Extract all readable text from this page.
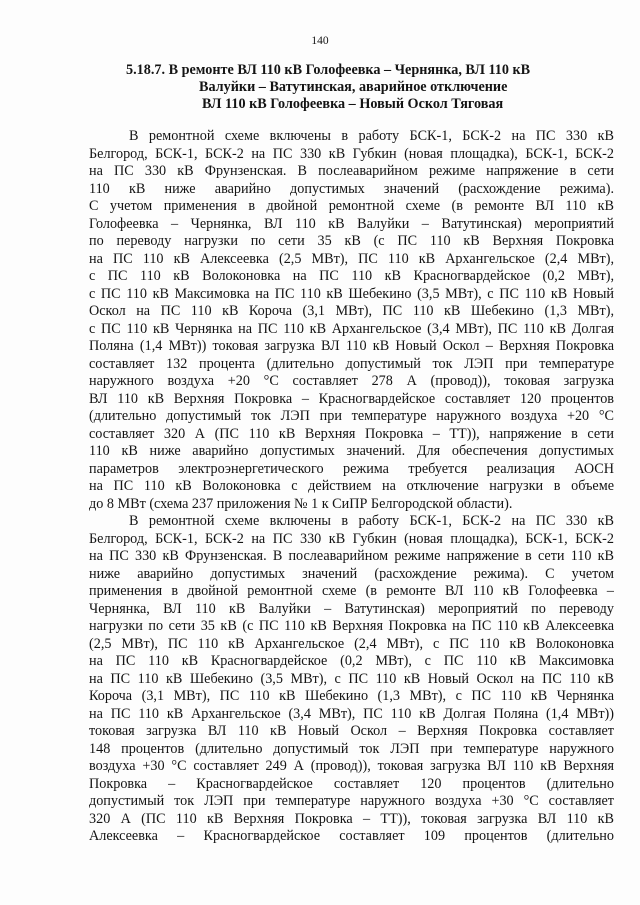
140
5.18.7. В ремонте ВЛ 110 кВ Голофеевка – Чернянка, ВЛ 110 кВ
Валуйки – Ватутинская, аварийное отключение
ВЛ 110 кВ Голофеевка – Новый Оскол Тяговая
В ремонтной схеме включены в работу БСК-1, БСК-2 на ПС 330 кВ
Белгород, БСК-1, БСК-2 на ПС 330 кВ Губкин (новая площадка), БСК-1, БСК-2
на ПС 330 кВ Фрунзенская. В послеаварийном режиме напряжение в сети
110 кВ ниже аварийно допустимых значений (расхождение режима).
С учетом применения в двойной ремонтной схеме (в ремонте ВЛ 110 кВ
Голофеевка – Чернянка, ВЛ 110 кВ Валуйки – Ватутинская) мероприятий
по переводу нагрузки по сети 35 кВ (с ПС 110 кВ Верхняя Покровка
на ПС 110 кВ Алексеевка (2,5 МВт), ПС 110 кВ Архангельское (2,4 МВт),
с ПС 110 кВ Волоконовка на ПС 110 кВ Красногвардейское (0,2 МВт),
с ПС 110 кВ Максимовка на ПС 110 кВ Шебекино (3,5 МВт), с ПС 110 кВ Новый
Оскол на ПС 110 кВ Короча (3,1 МВт), ПС 110 кВ Шебекино (1,3 МВт),
с ПС 110 кВ Чернянка на ПС 110 кВ Архангельское (3,4 МВт), ПС 110 кВ Долгая
Поляна (1,4 МВт)) токовая загрузка ВЛ 110 кВ Новый Оскол – Верхняя Покровка
составляет 132 процента (длительно допустимый ток ЛЭП при температуре
наружного воздуха +20 °С составляет 278 А (провод)), токовая загрузка
ВЛ 110 кВ Верхняя Покровка – Красногвардейское составляет 120 процентов
(длительно допустимый ток ЛЭП при температуре наружного воздуха +20 °С
составляет 320 А (ПС 110 кВ Верхняя Покровка – ТТ)), напряжение в сети
110 кВ ниже аварийно допустимых значений. Для обеспечения допустимых
параметров электроэнергетического режима требуется реализация АОСН
на ПС 110 кВ Волоконовка с действием на отключение нагрузки в объеме
до 8 МВт (схема 237 приложения № 1 к СиПР Белгородской области).
В ремонтной схеме включены в работу БСК-1, БСК-2 на ПС 330 кВ
Белгород, БСК-1, БСК-2 на ПС 330 кВ Губкин (новая площадка), БСК-1, БСК-2
на ПС 330 кВ Фрунзенская. В послеаварийном режиме напряжение в сети 110 кВ
ниже аварийно допустимых значений (расхождение режима). С учетом
применения в двойной ремонтной схеме (в ремонте ВЛ 110 кВ Голофеевка –
Чернянка, ВЛ 110 кВ Валуйки – Ватутинская) мероприятий по переводу
нагрузки по сети 35 кВ (с ПС 110 кВ Верхняя Покровка на ПС 110 кВ Алексеевка
(2,5 МВт), ПС 110 кВ Архангельское (2,4 МВт), с ПС 110 кВ Волоконовка
на ПС 110 кВ Красногвардейское (0,2 МВт), с ПС 110 кВ Максимовка
на ПС 110 кВ Шебекино (3,5 МВт), с ПС 110 кВ Новый Оскол на ПС 110 кВ
Короча (3,1 МВт), ПС 110 кВ Шебекино (1,3 МВт), с ПС 110 кВ Чернянка
на ПС 110 кВ Архангельское (3,4 МВт), ПС 110 кВ Долгая Поляна (1,4 МВт))
токовая загрузка ВЛ 110 кВ Новый Оскол – Верхняя Покровка составляет
148 процентов (длительно допустимый ток ЛЭП при температуре наружного
воздуха +30 °С составляет 249 А (провод)), токовая загрузка ВЛ 110 кВ Верхняя
Покровка – Красногвардейское составляет 120 процентов (длительно
допустимый ток ЛЭП при температуре наружного воздуха +30 °С составляет
320 А (ПС 110 кВ Верхняя Покровка – ТТ)), токовая загрузка ВЛ 110 кВ
Алексеевка – Красногвардейское составляет 109 процентов (длительно
